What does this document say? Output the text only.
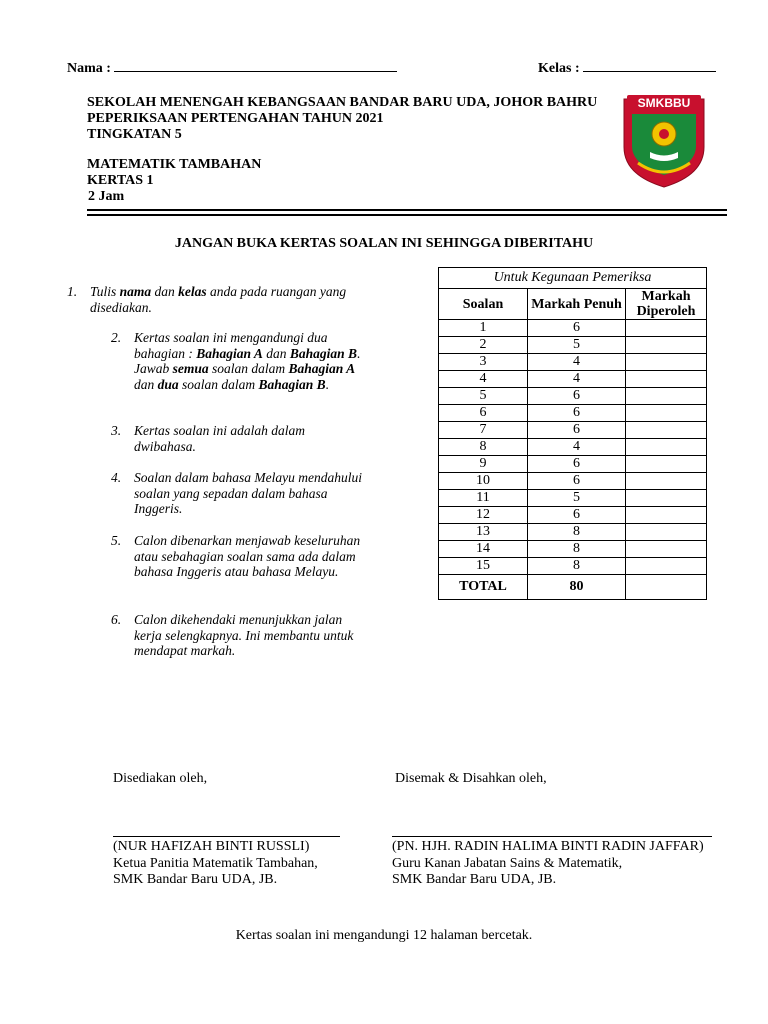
Nama :	Kelas :
SEKOLAH MENENGAH KEBANGSAAN BANDAR BARU UDA, JOHOR BAHRU
PEPERIKSAAN PERTENGAHAN TAHUN 2021
TINGKATAN 5
MATEMATIK TAMBAHAN
KERTAS 1
2 Jam
SMKBBU
JANGAN BUKA KERTAS SOALAN INI SEHINGGA DIBERITAHU
1. Tulis nama dan kelas anda pada ruangan yang disediakan.
2. Kertas soalan ini mengandungi dua bahagian : Bahagian A dan Bahagian B. Jawab semua soalan dalam Bahagian A dan dua soalan dalam Bahagian B.
3. Kertas soalan ini adalah dalam dwibahasa.
4. Soalan dalam bahasa Melayu mendahului soalan yang sepadan dalam bahasa Inggeris.
5. Calon dibenarkan menjawab keseluruhan atau sebahagian soalan sama ada dalam bahasa Inggeris atau bahasa Melayu.
6. Calon dikehendaki menunjukkan jalan kerja selengkapnya. Ini membantu untuk mendapat markah.
Untuk Kegunaan Pemeriksa		
Soalan	Markah Penuh	Markah Diperoleh
1	6	
2	5	
3	4	
4	4	
5	6	
6	6	
7	6	
8	4	
9	6	
10	6	
11	5	
12	6	
13	8	
14	8	
15	8	
TOTAL	80	
Disediakan oleh,	Disemak & Disahkan oleh,
(NUR HAFIZAH BINTI RUSSLI)
Ketua Panitia Matematik Tambahan,
SMK Bandar Baru UDA, JB.
(PN. HJH. RADIN HALIMA BINTI RADIN JAFFAR)
Guru Kanan Jabatan Sains & Matematik,
SMK Bandar Baru UDA, JB.
Kertas soalan ini mengandungi 12 halaman bercetak.
